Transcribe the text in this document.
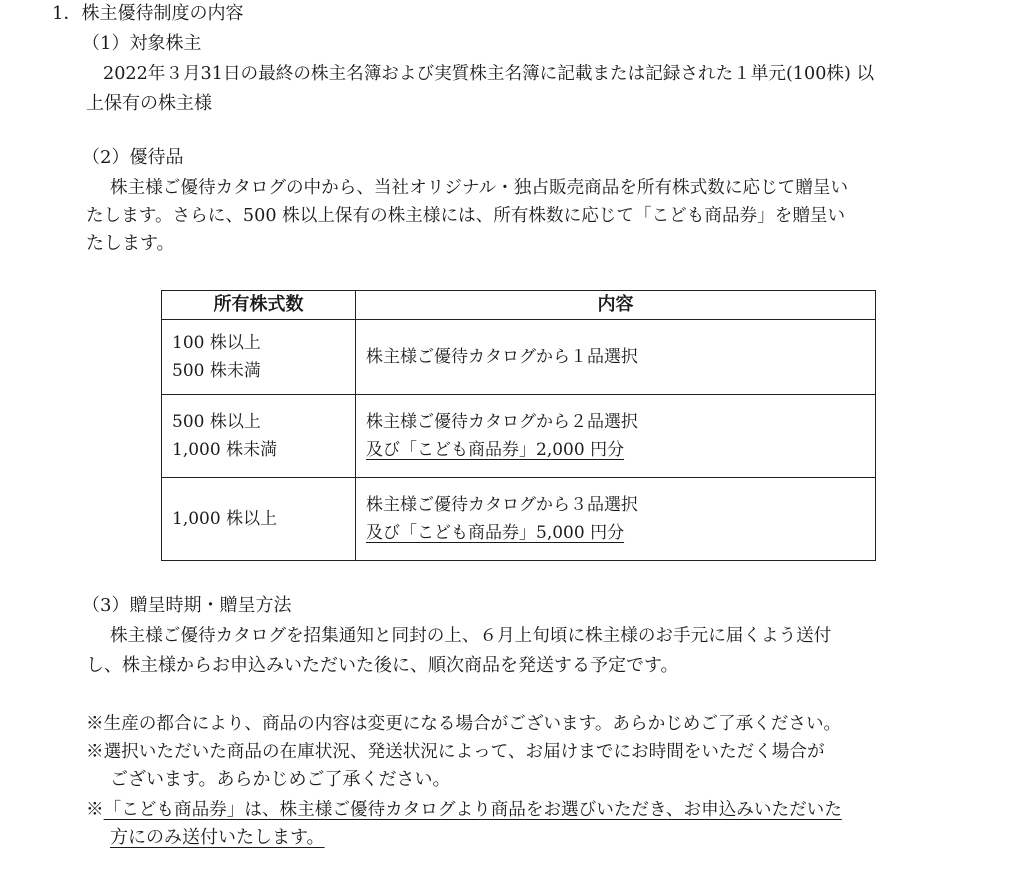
1．株主優待制度の内容

（1）対象株主

2022年３月31日の最終の株主名簿および実質株主名簿に記載または記録された１単元(100株) 以

上保有の株主様

（2）優待品

株主様ご優待カタログの中から、当社オリジナル・独占販売商品を所有株式数に応じて贈呈い

たします。さらに、500 株以上保有の株主様には、所有株数に応じて「こども商品券」を贈呈い

たします。

所有株式数	内容

100 株以上
500 株未満	株主様ご優待カタログから１品選択

500 株以上
1,000 株未満	株主様ご優待カタログから２品選択
及び「こども商品券」2,000 円分

1,000 株以上	株主様ご優待カタログから３品選択
及び「こども商品券」5,000 円分

（3）贈呈時期・贈呈方法

株主様ご優待カタログを招集通知と同封の上、６月上旬頃に株主様のお手元に届くよう送付

し、株主様からお申込みいただいた後に、順次商品を発送する予定です。

※生産の都合により、商品の内容は変更になる場合がございます。あらかじめご了承ください。

※選択いただいた商品の在庫状況、発送状況によって、お届けまでにお時間をいただく場合が

ございます。あらかじめご了承ください。

※「こども商品券」は、株主様ご優待カタログより商品をお選びいただき、お申込みいただいた

方にのみ送付いたします。
